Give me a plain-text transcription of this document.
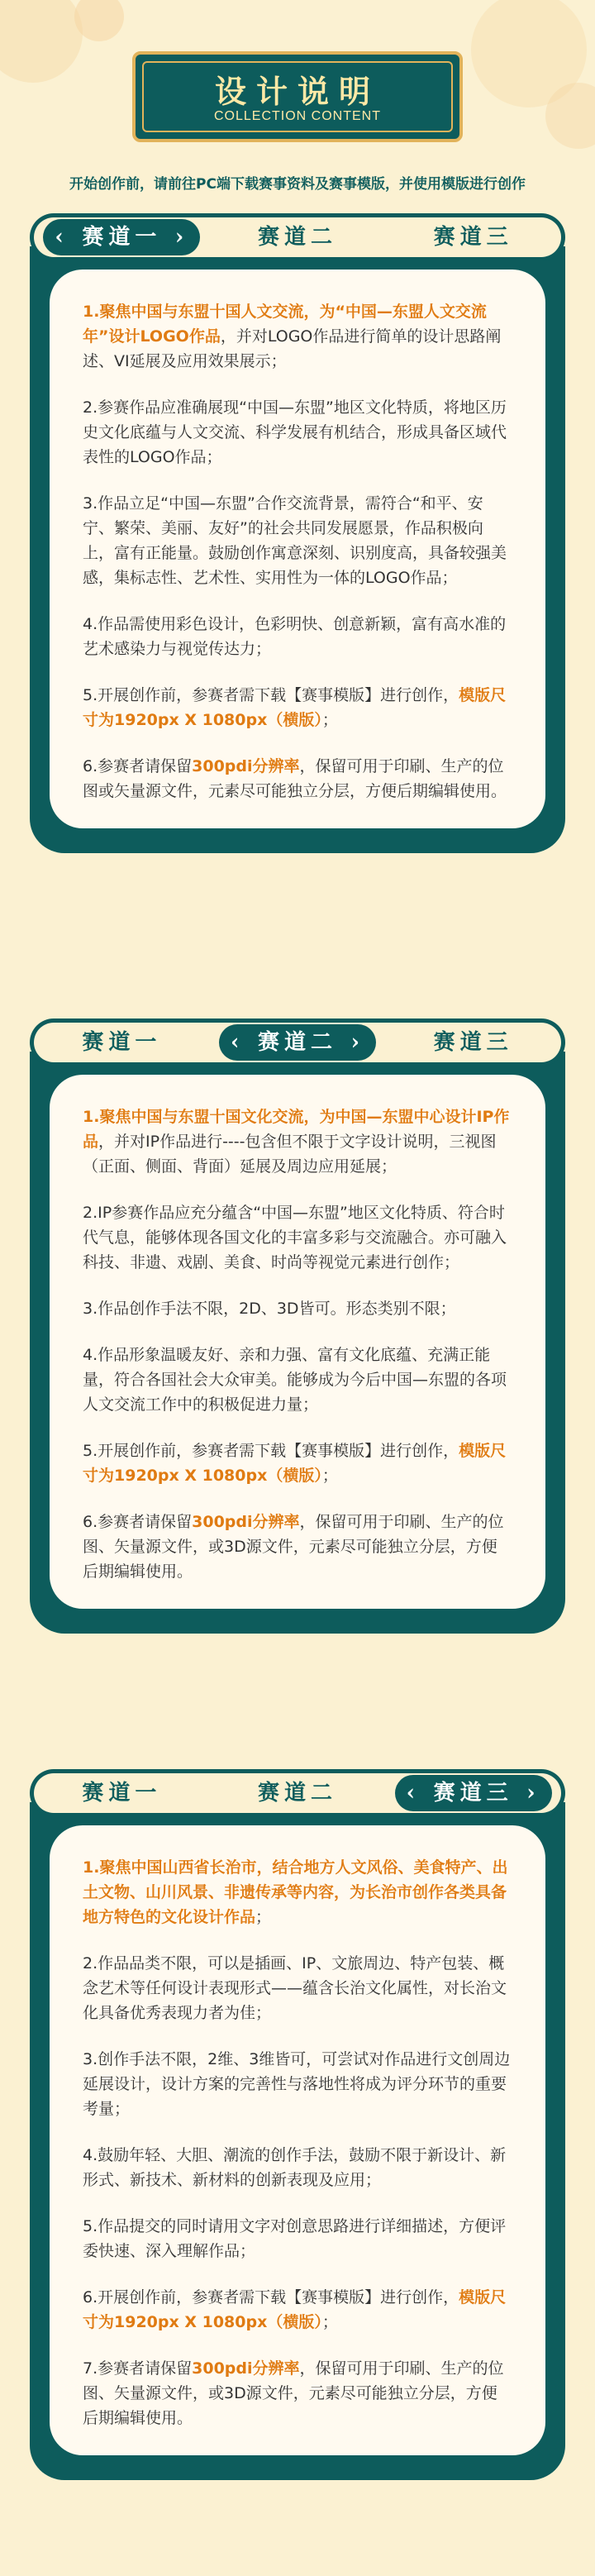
设计说明
COLLECTION CONTENT
开始创作前，请前往PC端下载赛事资料及赛事模版，并使用模版进行创作
1.聚焦中国与东盟十国人文交流，为“中国—东盟人文交流年”设计LOGO作品，并对LOGO作品进行简单的设计思路阐述、VI延展及应用效果展示；
2.参赛作品应准确展现“中国—东盟”地区文化特质，将地区历史文化底蕴与人文交流、科学发展有机结合，形成具备区域代表性的LOGO作品；
3.作品立足“中国—东盟”合作交流背景，需符合“和平、安宁、繁荣、美丽、友好”的社会共同发展愿景，作品积极向上，富有正能量。鼓励创作寓意深刻、识别度高，具备较强美感，集标志性、艺术性、实用性为一体的LOGO作品；
4.作品需使用彩色设计，色彩明快、创意新颖，富有高水准的艺术感染力与视觉传达力；
5.开展创作前，参赛者需下载【赛事模版】进行创作，模版尺寸为1920px X 1080px（横版）；
6.参赛者请保留300pdi分辨率，保留可用于印刷、生产的位图或矢量源文件，元素尽可能独立分层，方便后期编辑使用。
‹ 赛道一 ›	赛道二	赛道三
1.聚焦中国与东盟十国文化交流，为中国—东盟中心设计IP作品，并对IP作品进行----包含但不限于文字设计说明，三视图（正面、侧面、背面）延展及周边应用延展；
2.IP参赛作品应充分蕴含“中国—东盟”地区文化特质、符合时代气息，能够体现各国文化的丰富多彩与交流融合。亦可融入科技、非遗、戏剧、美食、时尚等视觉元素进行创作；
3.作品创作手法不限，2D、3D皆可。形态类别不限；
4.作品形象温暖友好、亲和力强、富有文化底蕴、充满正能量，符合各国社会大众审美。能够成为今后中国—东盟的各项人文交流工作中的积极促进力量；
5.开展创作前，参赛者需下载【赛事模版】进行创作，模版尺寸为1920px X 1080px（横版）；
6.参赛者请保留300pdi分辨率，保留可用于印刷、生产的位图、矢量源文件，或3D源文件，元素尽可能独立分层，方便后期编辑使用。
赛道一	‹ 赛道二 ›	赛道三
1.聚焦中国山西省长治市，结合地方人文风俗、美食特产、出土文物、山川风景、非遗传承等内容，为长治市创作各类具备地方特色的文化设计作品；
2.作品品类不限，可以是插画、IP、文旅周边、特产包装、概念艺术等任何设计表现形式——蕴含长治文化属性，对长治文化具备优秀表现力者为佳；
3.创作手法不限，2维、3维皆可，可尝试对作品进行文创周边延展设计，设计方案的完善性与落地性将成为评分环节的重要考量；
4.鼓励年轻、大胆、潮流的创作手法，鼓励不限于新设计、新形式、新技术、新材料的创新表现及应用；
5.作品提交的同时请用文字对创意思路进行详细描述，方便评委快速、深入理解作品；
6.开展创作前，参赛者需下载【赛事模版】进行创作，模版尺寸为1920px X 1080px（横版）；
7.参赛者请保留300pdi分辨率，保留可用于印刷、生产的位图、矢量源文件，或3D源文件，元素尽可能独立分层，方便后期编辑使用。
赛道一	赛道二	‹ 赛道三 ›
